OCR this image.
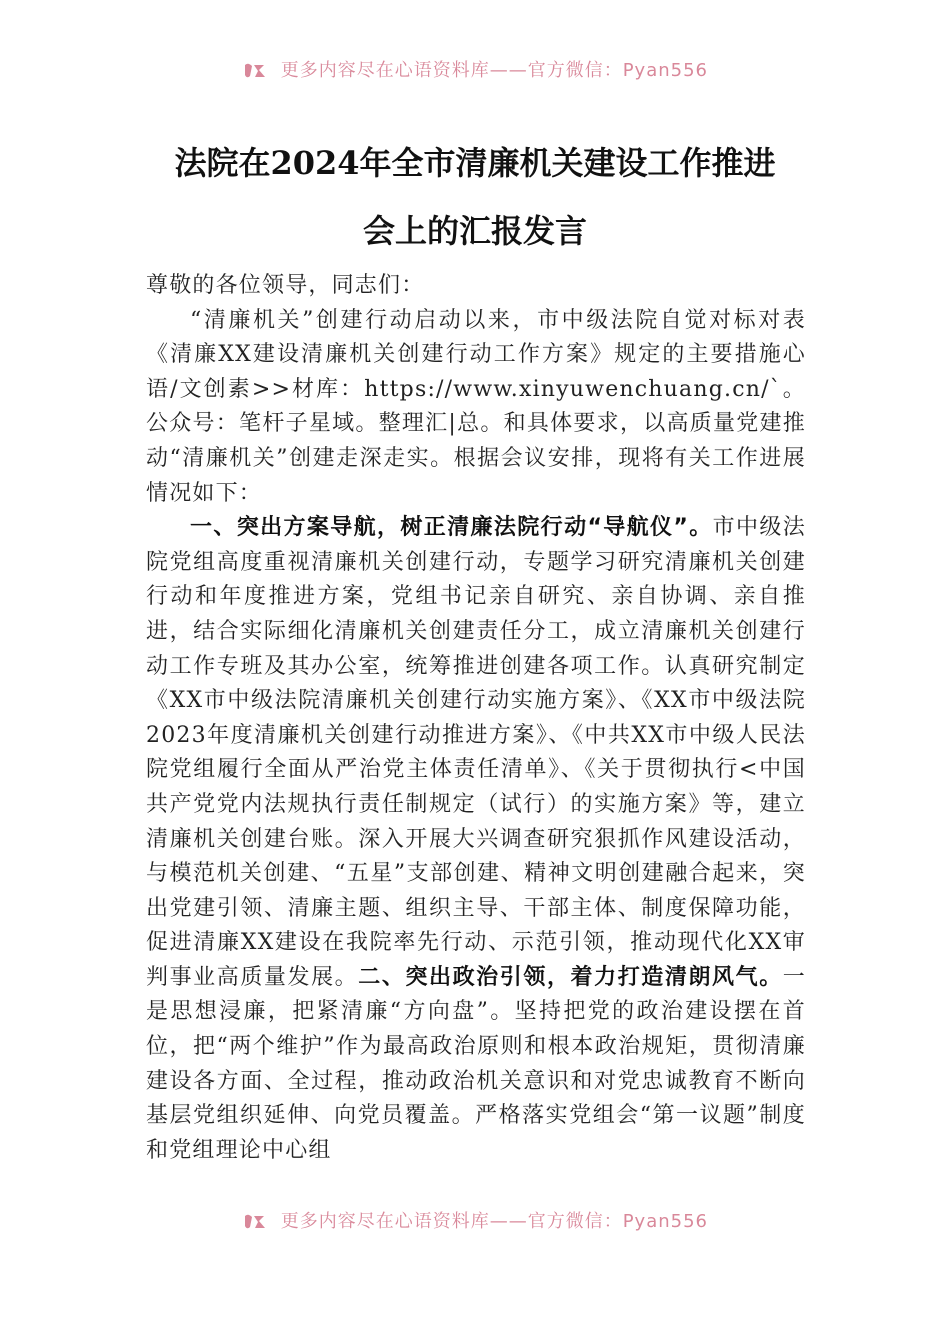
更多内容尽在心语资料库——官方微信：Pyan556
法院在2024年全市清廉机关建设工作推进
会上的汇报发言

尊敬的各位领导，同志们：

“清廉机关”创建行动启动以来，市中级法院自觉对标对表《清廉XX建设清廉机关创建行动工作方案》规定的主要措施心语/文创素>>材库：https://www.xinyuwenchuang.cn/`。公众号：笔杆子星域。整理汇|总。和具体要求，以高质量党建推动“清廉机关”创建走深走实。根据会议安排，现将有关工作进展情况如下：

一、突出方案导航，树正清廉法院行动“导航仪”。市中级法院党组高度重视清廉机关创建行动，专题学习研究清廉机关创建行动和年度推进方案，党组书记亲自研究、亲自协调、亲自推进，结合实际细化清廉机关创建责任分工，成立清廉机关创建行动工作专班及其办公室，统筹推进创建各项工作。认真研究制定《XX市中级法院清廉机关创建行动实施方案》、《XX市中级法院2023年度清廉机关创建行动推进方案》、《中共XX市中级人民法院党组履行全面从严治党主体责任清单》、《关于贯彻执行<中国共产党党内法规执行责任制规定（试行）的实施方案》等，建立清廉机关创建台账。深入开展大兴调查研究狠抓作风建设活动，与模范机关创建、“五星”支部创建、精神文明创建融合起来，突出党建引领、清廉主题、组织主导、干部主体、制度保障功能，促进清廉XX建设在我院率先行动、示范引领，推动现代化XX审判事业高质量发展。二、突出政治引领，着力打造清朗风气。一是思想浸廉，把紧清廉“方向盘”。坚持把党的政治建设摆在首位，把“两个维护”作为最高政治原则和根本政治规矩，贯彻清廉建设各方面、全过程，推动政治机关意识和对党忠诚教育不断向基层党组织延伸、向党员覆盖。严格落实党组会“第一议题”制度和党组理论中心组

更多内容尽在心语资料库——官方微信：Pyan556
